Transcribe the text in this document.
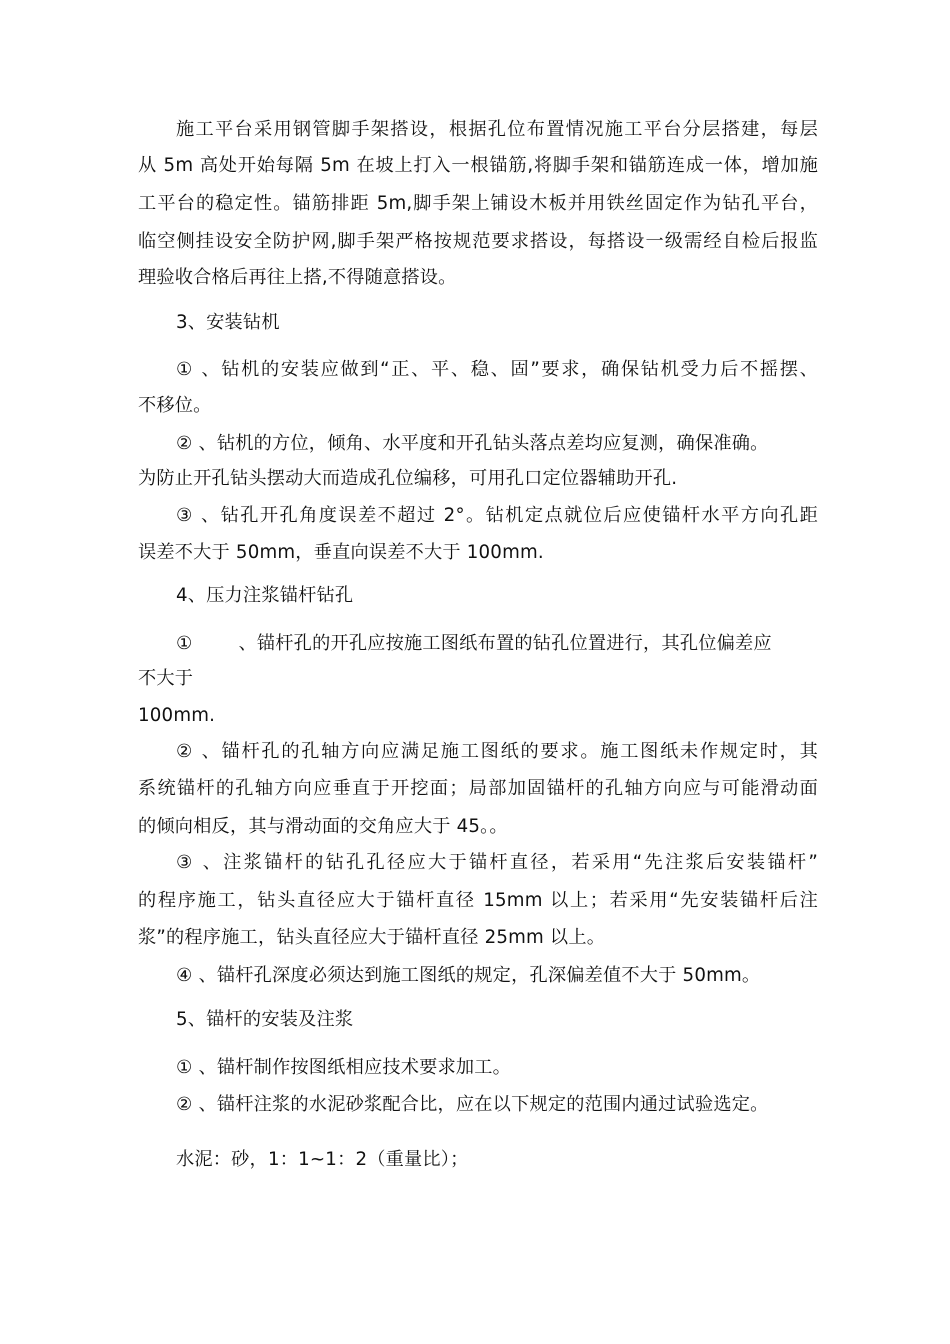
施工平台采用钢管脚手架搭设，根据孔位布置情况施工平台分层搭建，每层
从 5m 高处开始每隔 5m 在坡上打入一根锚筋,将脚手架和锚筋连成一体，增加施
工平台的稳定性。锚筋排距 5m,脚手架上铺设木板并用铁丝固定作为钻孔平台，
临空侧挂设安全防护网,脚手架严格按规范要求搭设，每搭设一级需经自检后报监
理验收合格后再往上搭,不得随意搭设。
3、安装钻机
① 、钻机的安装应做到“正、平、稳、固”要求，确保钻机受力后不摇摆、
不移位。
② 、钻机的方位，倾角、水平度和开孔钻头落点差均应复测，确保准确。
为防止开孔钻头摆动大而造成孔位编移，可用孔口定位器辅助开孔.
③ 、钻孔开孔角度误差不超过 2°。钻机定点就位后应使锚杆水平方向孔距
误差不大于 50mm，垂直向误差不大于 100mm.
4、压力注浆锚杆钻孔
①	、锚杆孔的开孔应按施工图纸布置的钻孔位置进行，其孔位偏差应
不大于
100mm.
② 、锚杆孔的孔轴方向应满足施工图纸的要求。施工图纸未作规定时，其
系统锚杆的孔轴方向应垂直于开挖面；局部加固锚杆的孔轴方向应与可能滑动面
的倾向相反，其与滑动面的交角应大于 45。。
③ 、注浆锚杆的钻孔孔径应大于锚杆直径，若采用“先注浆后安装锚杆”
的程序施工，钻头直径应大于锚杆直径 15mm 以上；若采用“先安装锚杆后注
浆”的程序施工，钻头直径应大于锚杆直径 25mm 以上。
④ 、锚杆孔深度必须达到施工图纸的规定，孔深偏差值不大于 50mm。
5、锚杆的安装及注浆
① 、锚杆制作按图纸相应技术要求加工。
② 、锚杆注浆的水泥砂浆配合比，应在以下规定的范围内通过试验选定。
水泥：砂，1：1~1：2（重量比）；
